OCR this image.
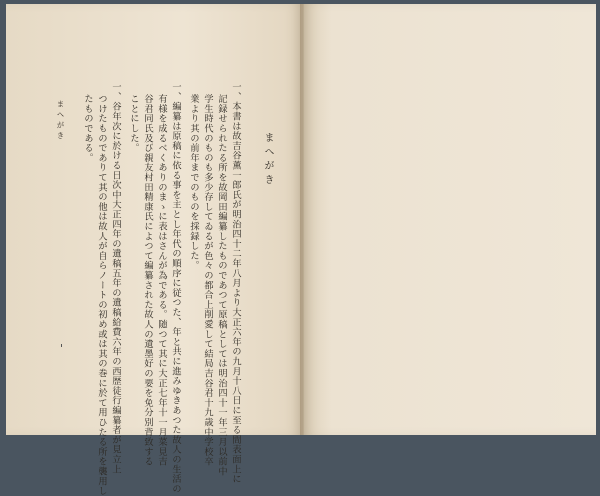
まへがき
一、本書は故吉谷薫一郎氏が明治四十二年八月より大正六年の九月十八日に至る間表面上に
記録せられたる所を故岡田編纂したものであつて原稿としては明治四十一年三月以前中
学生時代のものも多少存してゐるが色々の都合上削愛して結局吉谷君十九歳中学校卒
業より其の前年までのものを採録した。
一、編纂は原稿に依る事を主とし年代の順序に従つた、年と共に進みゆきあつた故人の生活の
有様を成るべくありのまゝに表はさんが為である。随つて其に大正七年十一月菜見吉
谷君同氏及び親友村田精康氏によつて編纂された故人の遺墨好の要を免分別背致する
ことにした。
一、谷年次に於ける日次中大正四年の遺稿五年の遺稿給費六年の西歴徒行編纂者が見立上
つけたものでありて其の他は故人が自らノートの初め或は其の巻に於て用ひたる所を襲用し
たものである。
まへがき
